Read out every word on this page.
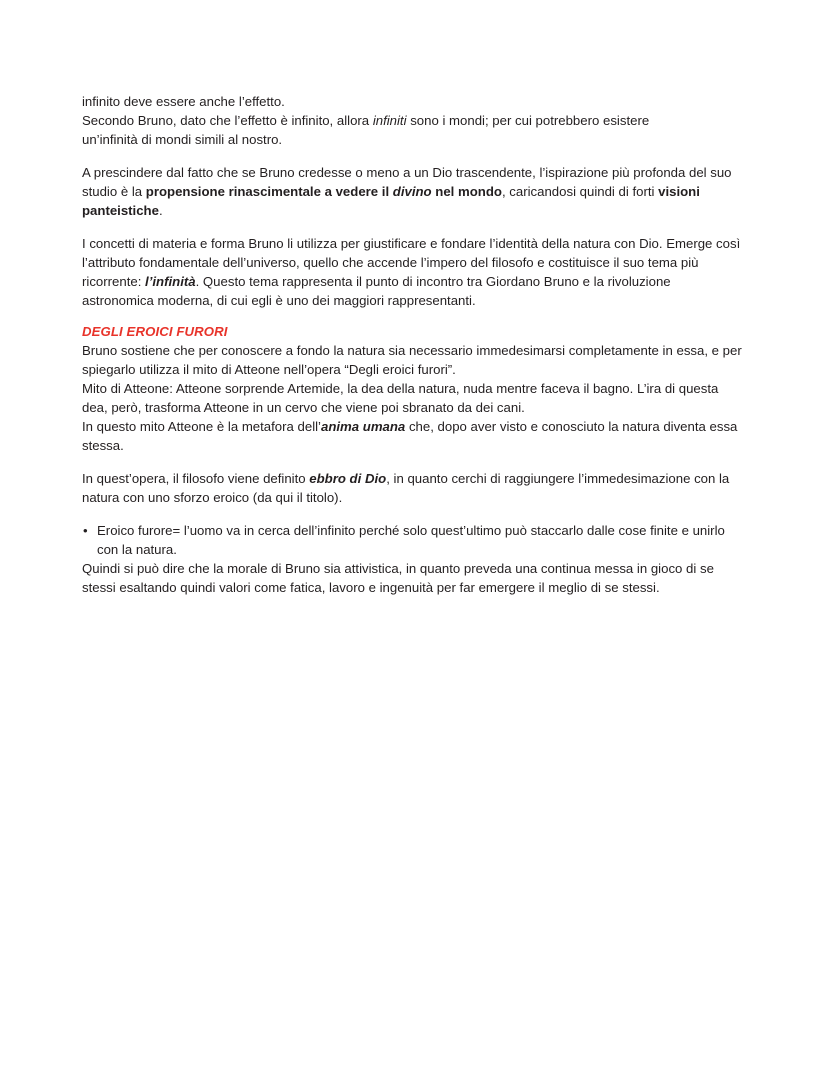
infinito deve essere anche l’effetto.
Secondo Bruno, dato che l’effetto è infinito, allora infiniti sono i mondi; per cui potrebbero esistere
un’infinità di mondi simili al nostro.

A prescindere dal fatto che se Bruno credesse o meno a un Dio trascendente, l’ispirazione più profonda del suo studio è la propensione rinascimentale a vedere il divino nel mondo, caricandosi quindi di forti visioni panteistiche.

I concetti di materia e forma Bruno li utilizza per giustificare e fondare l’identità della natura con Dio. Emerge così l’attributo fondamentale dell’universo, quello che accende l’impero del filosofo e costituisce il suo tema più ricorrente: l’infinità. Questo tema rappresenta il punto di incontro tra Giordano Bruno e la rivoluzione astronomica moderna, di cui egli è uno dei maggiori rappresentanti.

DEGLI EROICI FURORI

Bruno sostiene che per conoscere a fondo la natura sia necessario immedesimarsi completamente in essa, e per spiegarlo utilizza il mito di Atteone nell’opera “Degli eroici furori”.
Mito di Atteone: Atteone sorprende Artemide, la dea della natura, nuda mentre faceva il bagno. L’ira di questa dea, però, trasforma Atteone in un cervo che viene poi sbranato da dei cani.
In questo mito Atteone è la metafora dell’anima umana che, dopo aver visto e conosciuto la natura diventa essa stessa.

In quest’opera, il filosofo viene definito ebbro di Dio, in quanto cerchi di raggiungere l’immedesimazione con la natura con uno sforzo eroico (da qui il titolo).

• Eroico furore= l’uomo va in cerca dell’infinito perché solo quest’ultimo può staccarlo dalle cose finite e unirlo con la natura.

Quindi si può dire che la morale di Bruno sia attivistica, in quanto preveda una continua messa in gioco di se stessi esaltando quindi valori come fatica, lavoro e ingenuità per far emergere il meglio di se stessi.
